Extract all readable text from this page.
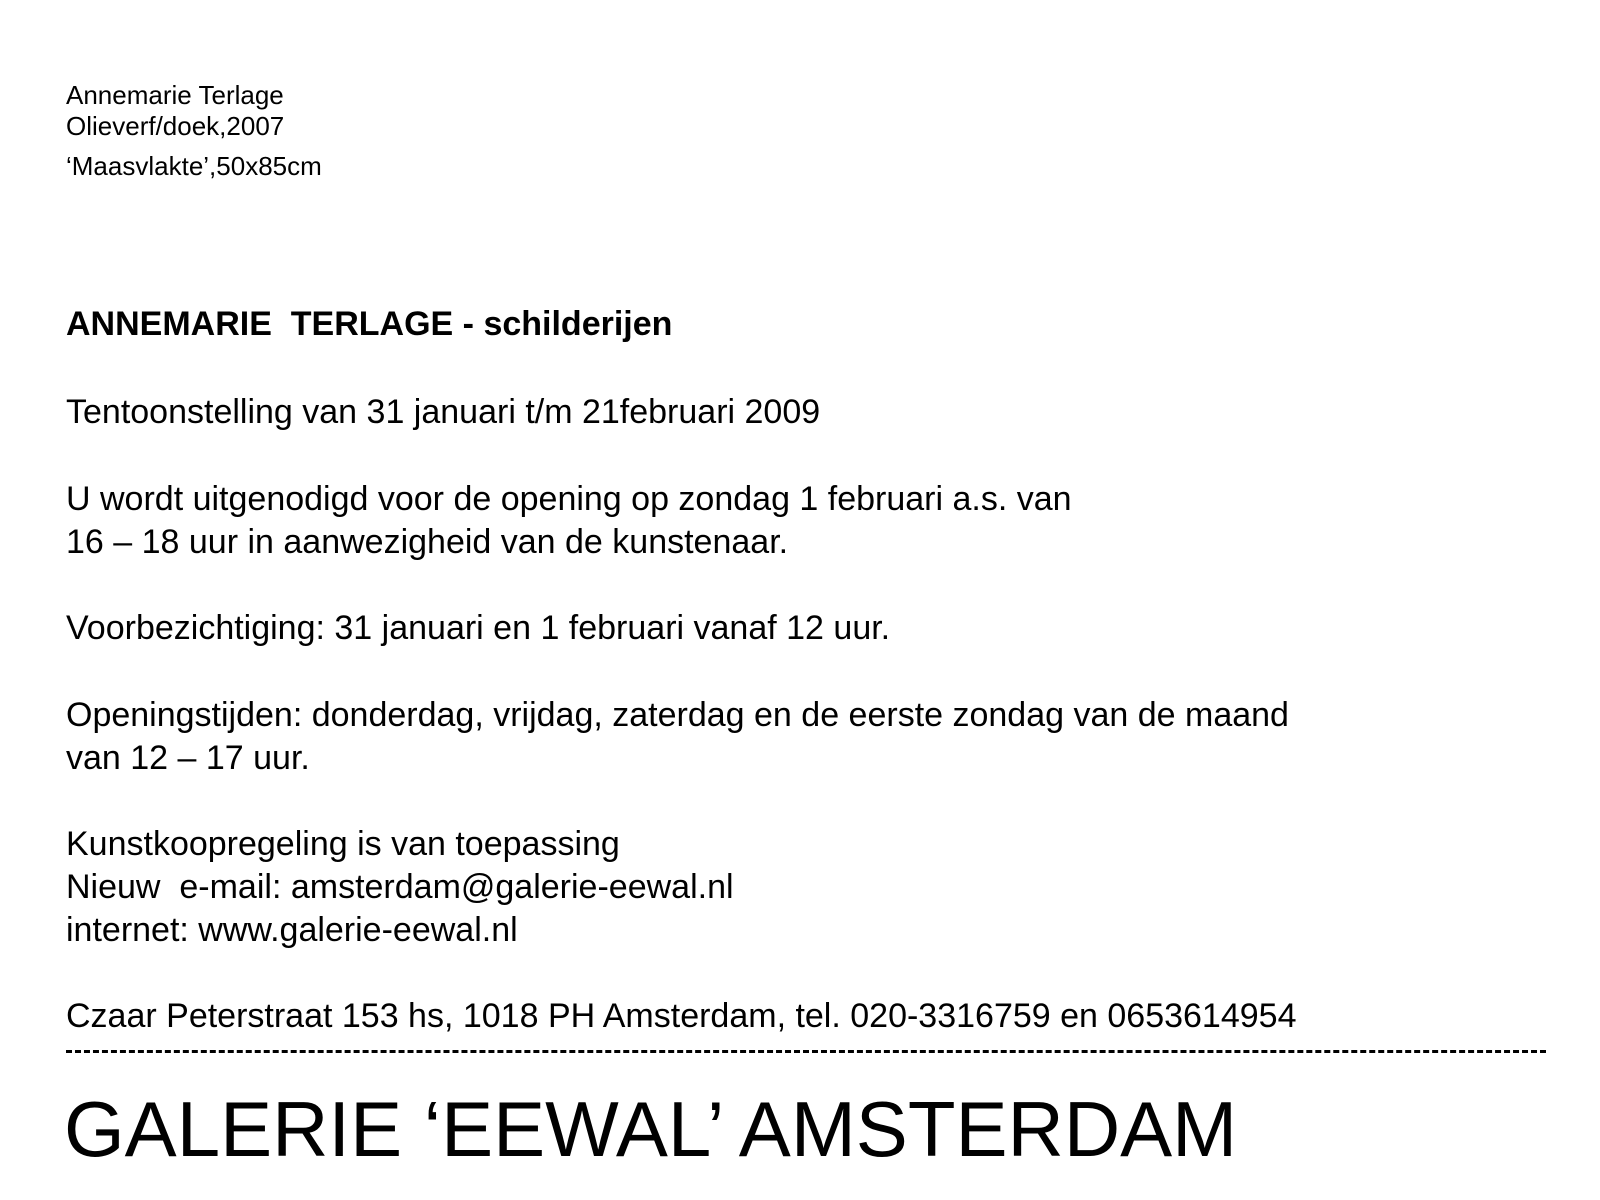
Annemarie Terlage
Olieverf/doek,2007
‘Maasvlakte’,50x85cm
ANNEMARIE  TERLAGE - schilderijen
Tentoonstelling van 31 januari t/m 21februari 2009
U wordt uitgenodigd voor de opening op zondag 1 februari a.s. van
16 – 18 uur in aanwezigheid van de kunstenaar.
Voorbezichtiging: 31 januari en 1 februari vanaf 12 uur.
Openingstijden: donderdag, vrijdag, zaterdag en de eerste zondag van de maand
van 12 – 17 uur.
Kunstkoopregeling is van toepassing
Nieuw  e-mail: amsterdam@galerie-eewal.nl
internet: www.galerie-eewal.nl
Czaar Peterstraat 153 hs, 1018 PH Amsterdam, tel. 020-3316759 en 0653614954
GALERIE ‘EEWAL’ AMSTERDAM
